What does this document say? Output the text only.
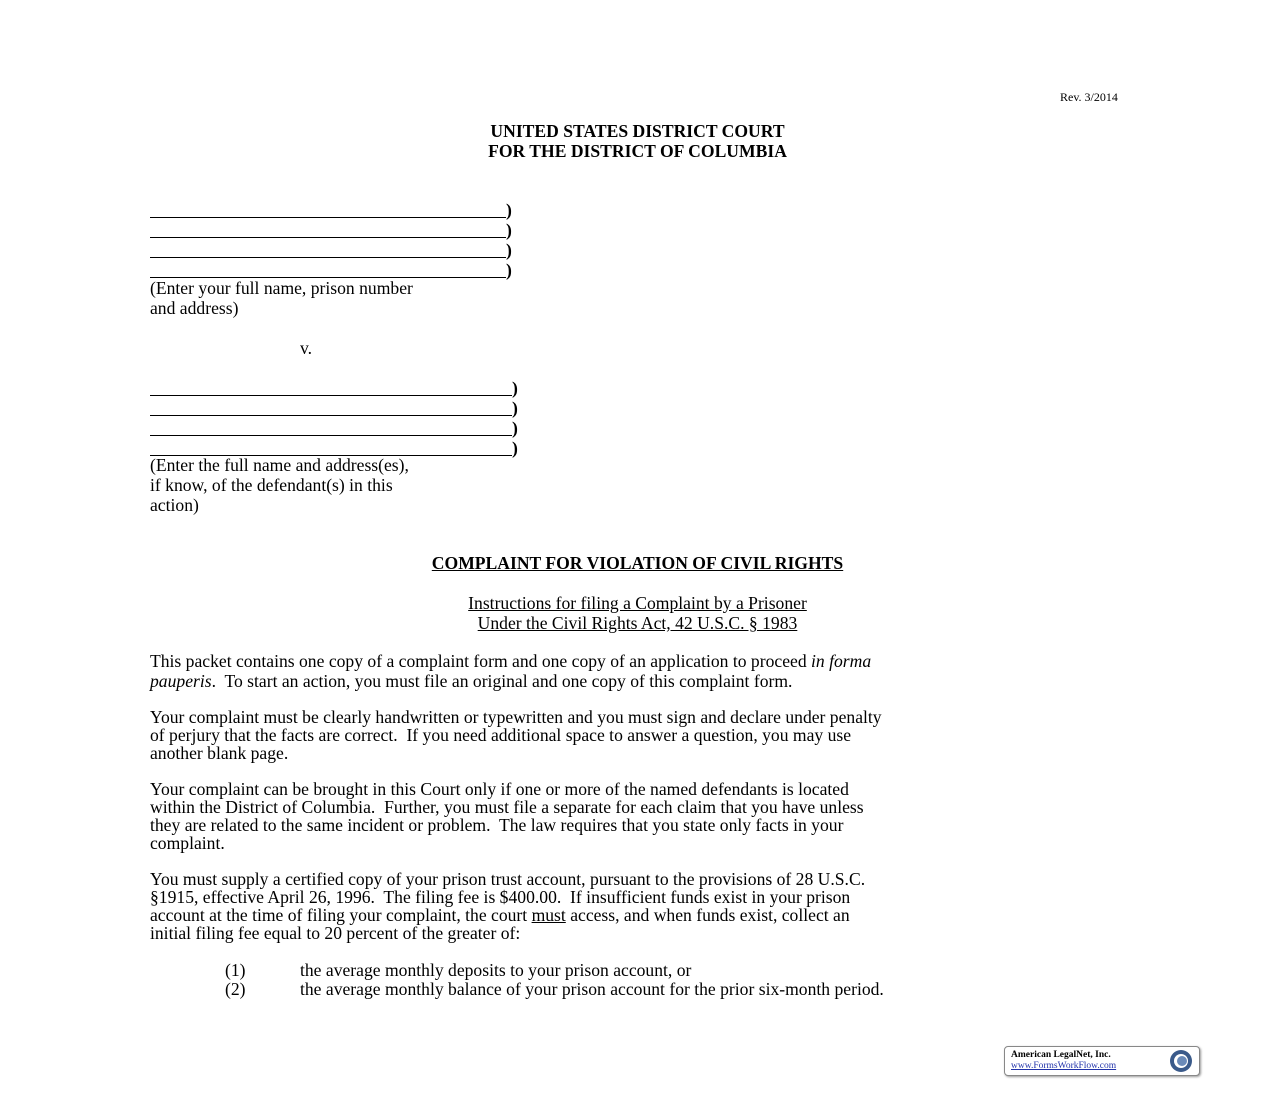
Rev. 3/2014
UNITED STATES DISTRICT COURT
FOR THE DISTRICT OF COLUMBIA
)
)
)
)
(Enter your full name, prison number
and address)
v.
)
)
)
)
(Enter the full name and address(es),
if know, of the defendant(s) in this
action)
COMPLAINT FOR VIOLATION OF CIVIL RIGHTS
Instructions for filing a Complaint by a Prisoner
Under the Civil Rights Act, 42 U.S.C. § 1983
This packet contains one copy of a complaint form and one copy of an application to proceed in forma
pauperis.  To start an action, you must file an original and one copy of this complaint form.
Your complaint must be clearly handwritten or typewritten and you must sign and declare under penalty
of perjury that the facts are correct.  If you need additional space to answer a question, you may use
another blank page.
Your complaint can be brought in this Court only if one or more of the named defendants is located
within the District of Columbia.  Further, you must file a separate for each claim that you have unless
they are related to the same incident or problem.  The law requires that you state only facts in your
complaint.
You must supply a certified copy of your prison trust account, pursuant to the provisions of 28 U.S.C.
§1915, effective April 26, 1996.  The filing fee is $400.00.  If insufficient funds exist in your prison
account at the time of filing your complaint, the court must access, and when funds exist, collect an
initial filing fee equal to 20 percent of the greater of:
(1)	the average monthly deposits to your prison account, or
(2)	the average monthly balance of your prison account for the prior six-month period.
American LegalNet, Inc.
www.FormsWorkFlow.com
